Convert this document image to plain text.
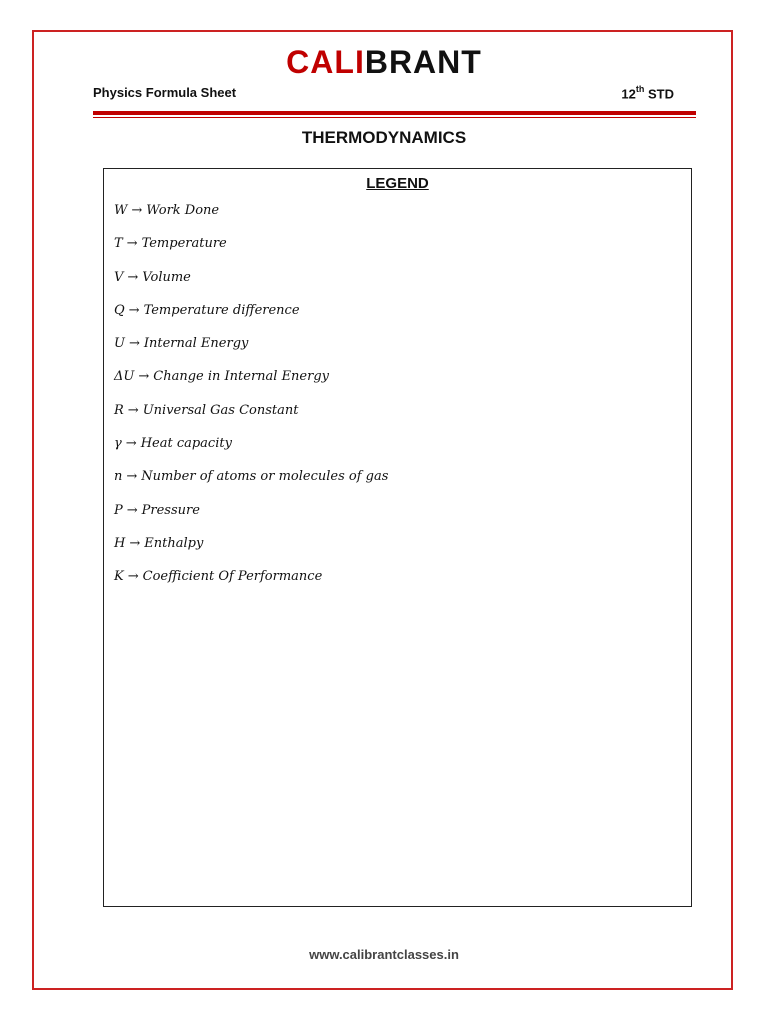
CALIBRANT
Physics Formula Sheet	12th STD
THERMODYNAMICS
LEGEND
W → Work Done
T → Temperature
V → Volume
Q → Temperature difference
U → Internal Energy
ΔU → Change in Internal Energy
R → Universal Gas Constant
γ → Heat capacity
n → Number of atoms or molecules of gas
P → Pressure
H → Enthalpy
K → Coefficient Of Performance
www.calibrantclasses.in
